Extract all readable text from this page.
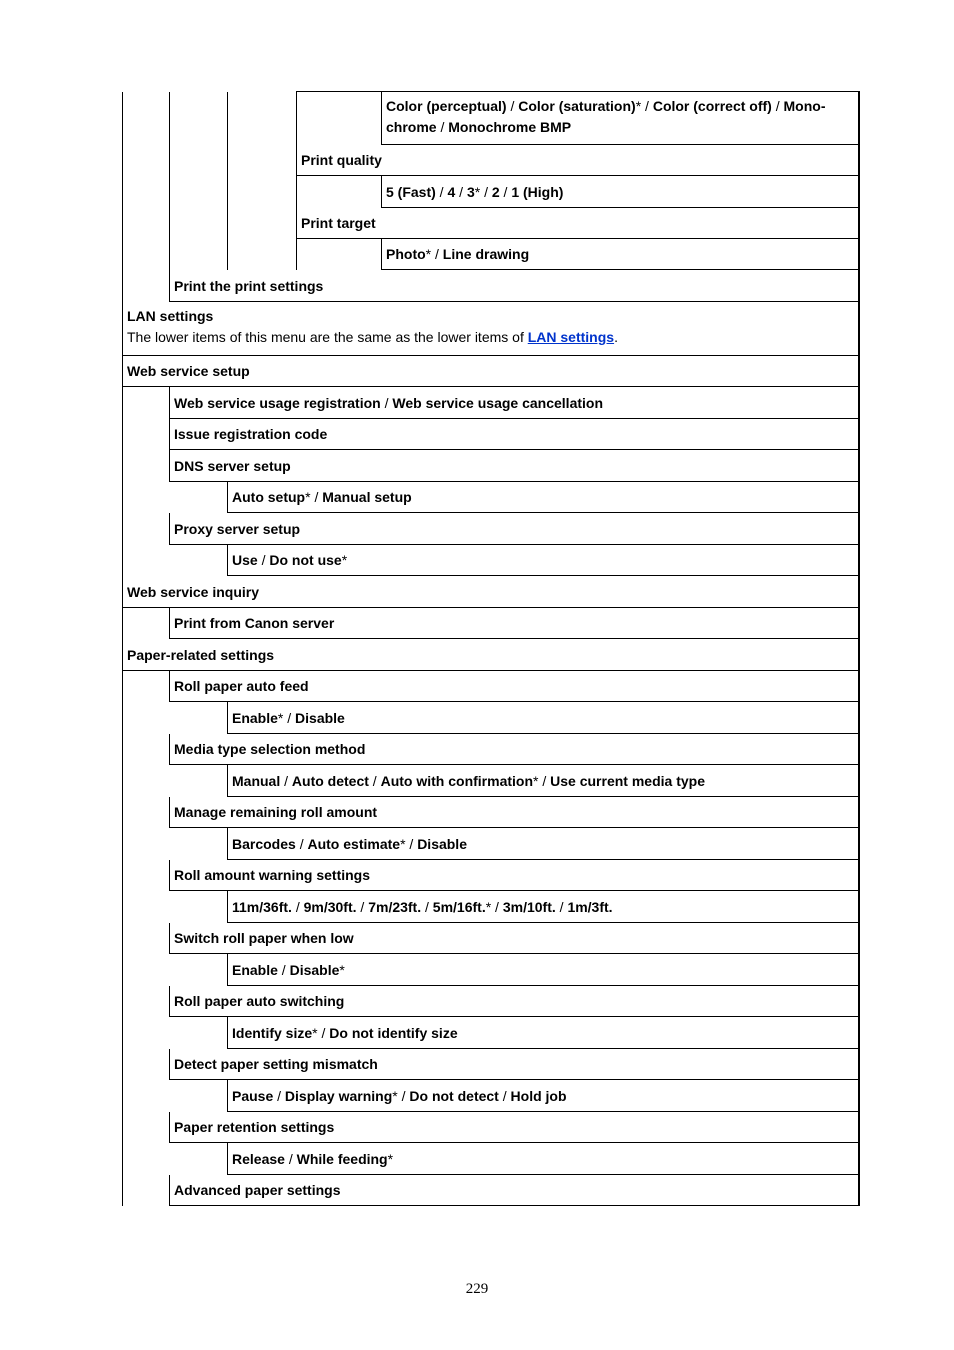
Color (perceptual) / Color (saturation)* / Color (correct off) / Mono-
chrome / Monochrome BMP
Print quality
5 (Fast) / 4 / 3* / 2 / 1 (High)
Print target
Photo* / Line drawing
Print the print settings
LAN settings
The lower items of this menu are the same as the lower items of LAN settings.
Web service setup
Web service usage registration / Web service usage cancellation
Issue registration code
DNS server setup
Auto setup* / Manual setup
Proxy server setup
Use / Do not use*
Web service inquiry
Print from Canon server
Paper-related settings
Roll paper auto feed
Enable* / Disable
Media type selection method
Manual / Auto detect / Auto with confirmation* / Use current media type
Manage remaining roll amount
Barcodes / Auto estimate* / Disable
Roll amount warning settings
11m/36ft. / 9m/30ft. / 7m/23ft. / 5m/16ft.* / 3m/10ft. / 1m/3ft.
Switch roll paper when low
Enable / Disable*
Roll paper auto switching
Identify size* / Do not identify size
Detect paper setting mismatch
Pause / Display warning* / Do not detect / Hold job
Paper retention settings
Release / While feeding*
Advanced paper settings
229
